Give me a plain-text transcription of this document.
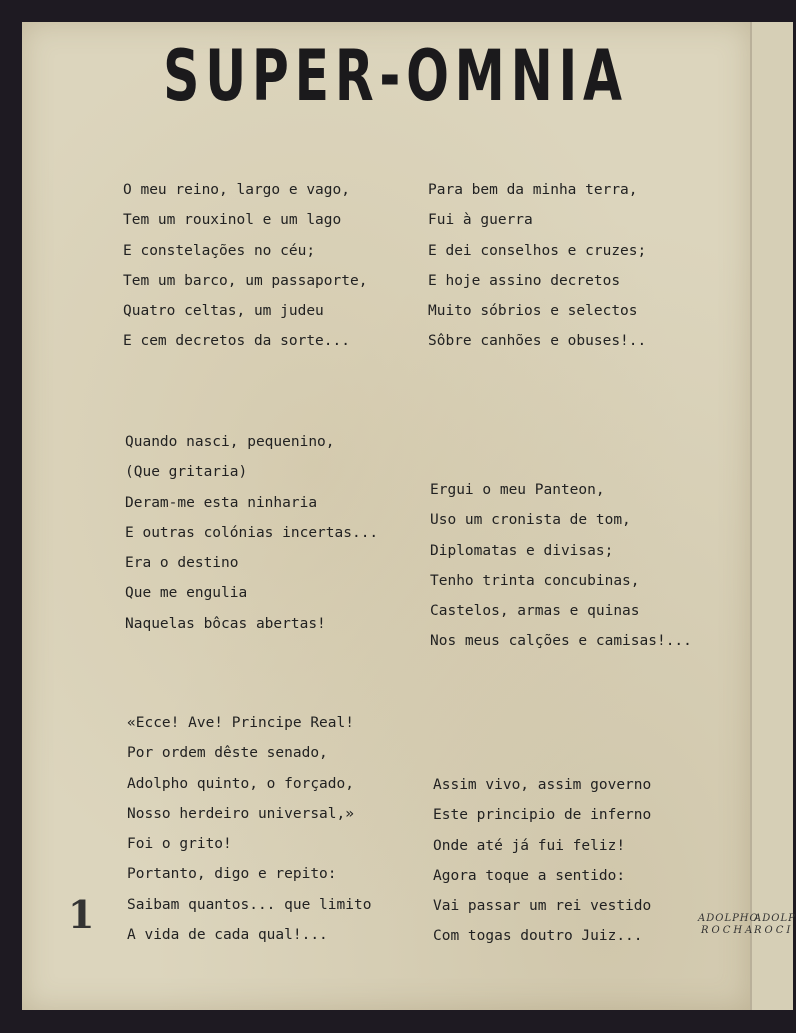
SUPER-OMNIA
O meu reino, largo e vago,
Tem um rouxinol e um lago
E constelações no céu;
Tem um barco, um passaporte,
Quatro celtas, um judeu
E cem decretos da sorte...
Quando nasci, pequenino,
(Que gritaria)
Deram-me esta ninharia
E outras colónias incertas...
Era o destino
Que me engulia
Naquelas bôcas abertas!
«Ecce! Ave! Principe Real!
Por ordem dêste senado,
Adolpho quinto, o forçado,
Nosso herdeiro universal,»
Foi o grito!
Portanto, digo e repito:
Saibam quantos... que limito
A vida de cada qual!...
Para bem da minha terra,
Fui à guerra
E dei conselhos e cruzes;
E hoje assino decretos
Muito sóbrios e selectos
Sôbre canhões e obuses!..
Ergui o meu Panteon,
Uso um cronista de tom,
Diplomatas e divisas;
Tenho trinta concubinas,
Castelos, armas e quinas
Nos meus calções e camisas!...
Assim vivo, assim governo
Este principio de inferno
Onde até já fui feliz!
Agora toque a sentido:
Vai passar um rei vestido
Com togas doutro Juiz...
1	ADOLPHO
ROCHA
ADOLP
ROCI
